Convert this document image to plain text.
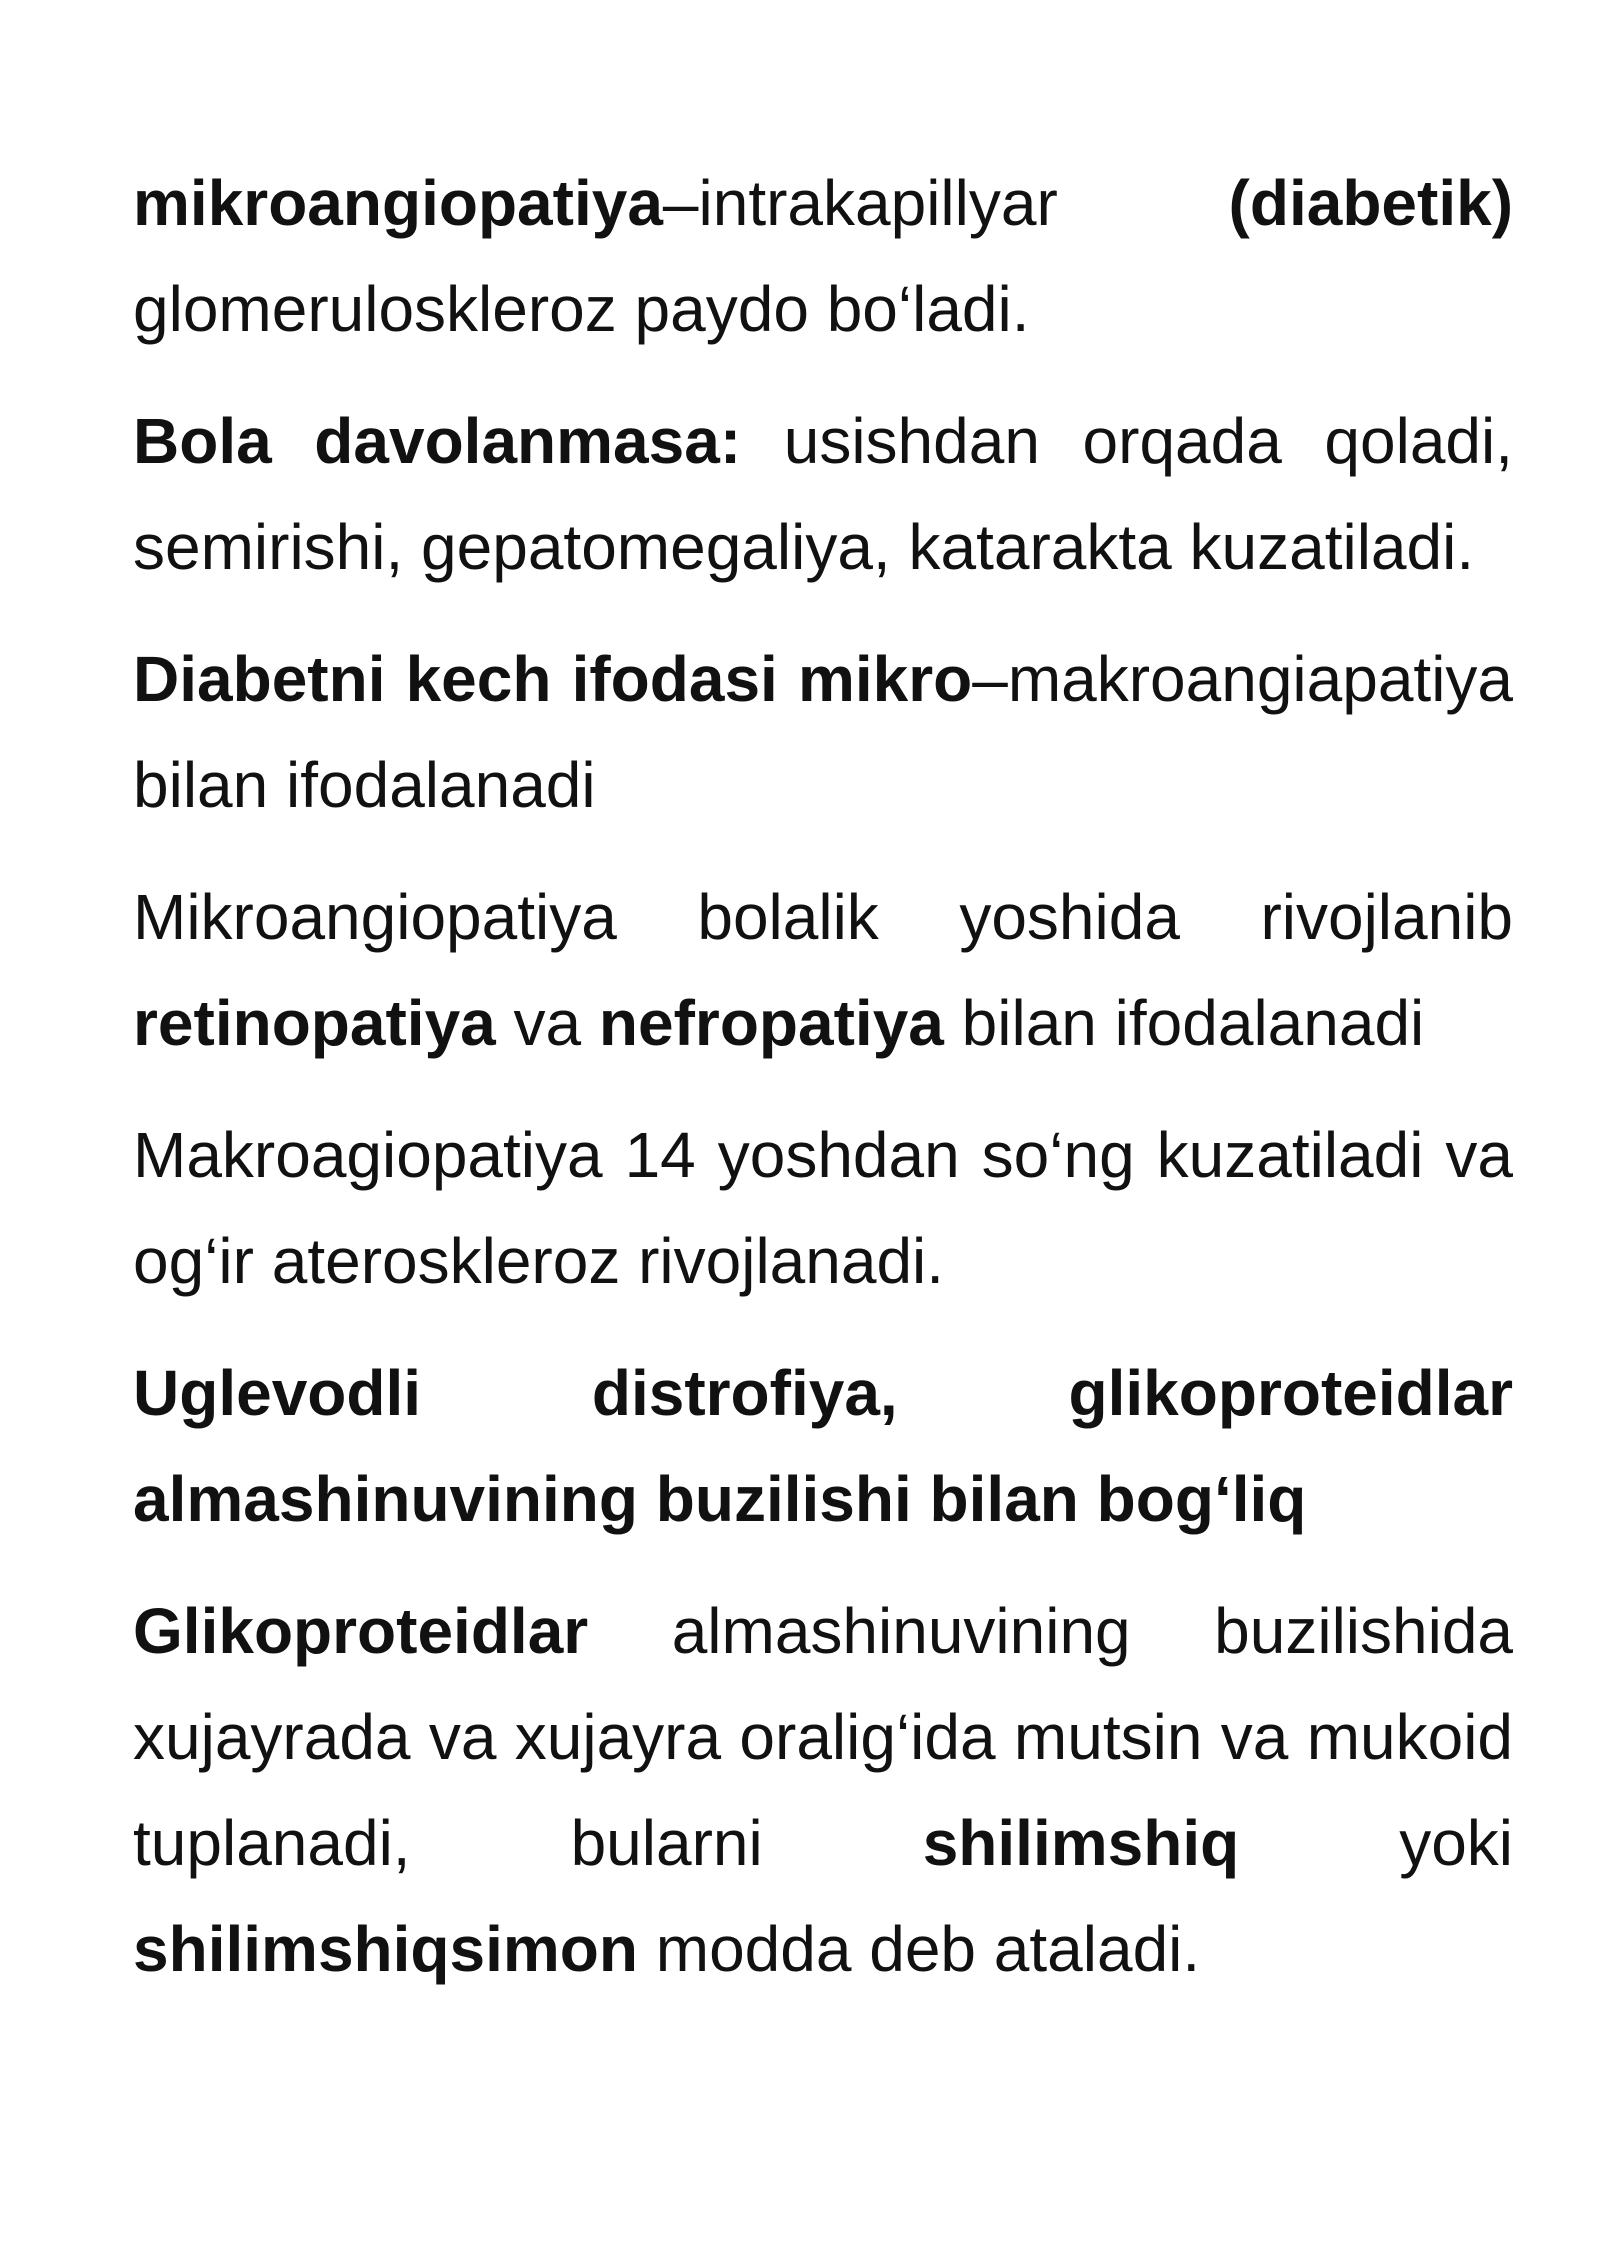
mikroangiopatiya–intrakapillyar (diabetik) glomeruloskleroz paydo bo‘ladi.

Bola davolanmasa: usishdan orqada qoladi, semirishi, gepatomegaliya, katarakta kuzatiladi.

Diabetni kech ifodasi mikro–makroangiapatiya bilan ifodalanadi

Mikroangiopatiya bolalik yoshida rivojlanib retinopatiya va nefropatiya bilan ifodalanadi

Makroagiopatiya 14 yoshdan so‘ng kuzatiladi va og‘ir ateroskleroz rivojlanadi.

Uglevodli distrofiya, glikoproteidlar almashinuvining buzilishi bilan bog‘liq

Glikoproteidlar almashinuvining buzilishida xujayrada va xujayra oralig‘ida mutsin va mukoid tuplanadi, bularni shilimshiq yoki shilimshiqsimon modda deb ataladi.
